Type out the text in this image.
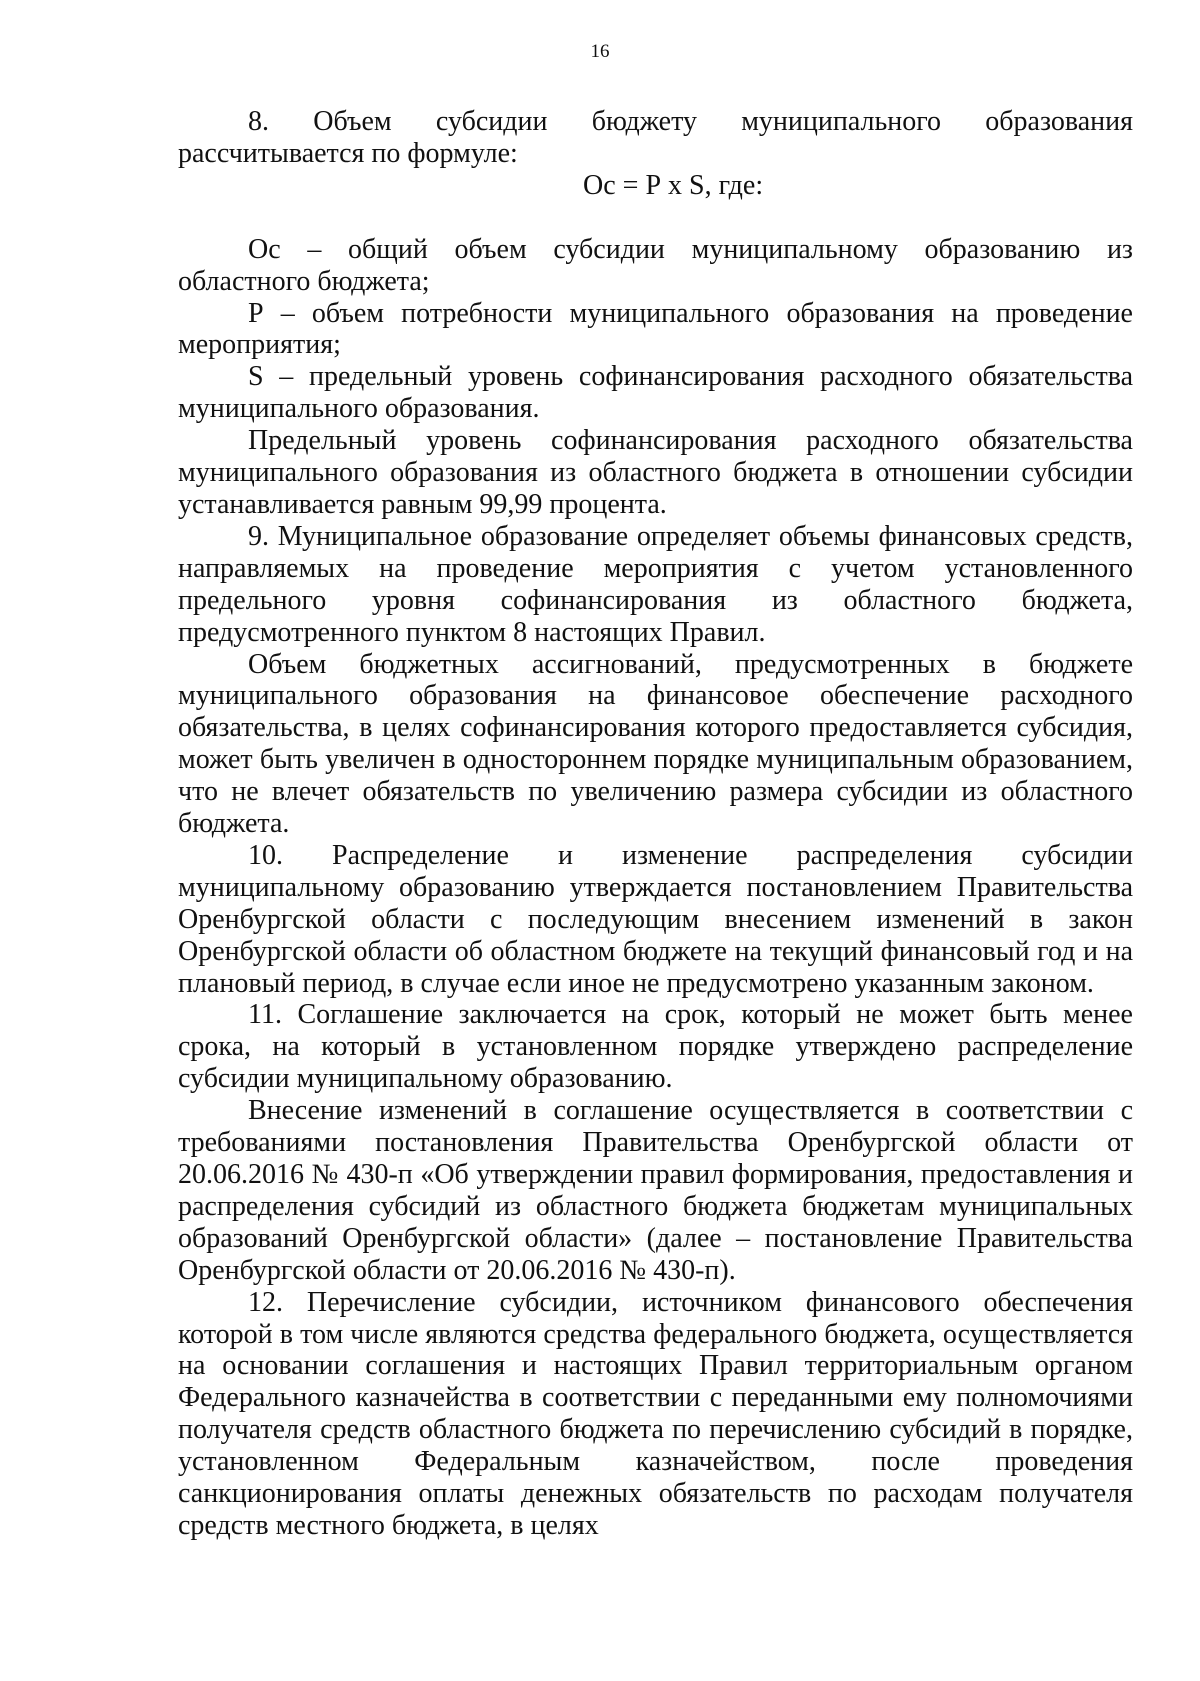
16

8. Объем субсидии бюджету муниципального образования рассчитывается по формуле:

Ос = Р x S, где:

Ос – общий объем субсидии муниципальному образованию из областного бюджета;

Р – объем потребности муниципального образования на проведение мероприятия;

S – предельный уровень софинансирования расходного обязательства муниципального образования.

Предельный уровень софинансирования расходного обязательства муниципального образования из областного бюджета в отношении субсидии устанавливается равным 99,99 процента.

9. Муниципальное образование определяет объемы финансовых средств, направляемых на проведение мероприятия с учетом установленного предельного уровня софинансирования из областного бюджета, предусмотренного пунктом 8 настоящих Правил.

Объем бюджетных ассигнований, предусмотренных в бюджете муниципального образования на финансовое обеспечение расходного обязательства, в целях софинансирования которого предоставляется субсидия, может быть увеличен в одностороннем порядке муниципальным образованием, что не влечет обязательств по увеличению размера субсидии из областного бюджета.

10. Распределение и изменение распределения субсидии муниципальному образованию утверждается постановлением Правительства Оренбургской области с последующим внесением изменений в закон Оренбургской области об областном бюджете на текущий финансовый год и на плановый период, в случае если иное не предусмотрено указанным законом.

11. Соглашение заключается на срок, который не может быть менее срока, на который в установленном порядке утверждено распределение субсидии муниципальному образованию.

Внесение изменений в соглашение осуществляется в соответствии с требованиями постановления Правительства Оренбургской области от 20.06.2016 № 430-п «Об утверждении правил формирования, предоставления и распределения субсидий из областного бюджета бюджетам муниципальных образований Оренбургской области» (далее – постановление Правительства Оренбургской области от 20.06.2016 № 430-п).

12. Перечисление субсидии, источником финансового обеспечения которой в том числе являются средства федерального бюджета, осуществляется на основании соглашения и настоящих Правил территориальным органом Федерального казначейства в соответствии с переданными ему полномочиями получателя средств областного бюджета по перечислению субсидий в порядке, установленном Федеральным казначейством, после проведения санкционирования оплаты денежных обязательств по расходам получателя средств местного бюджета, в целях
